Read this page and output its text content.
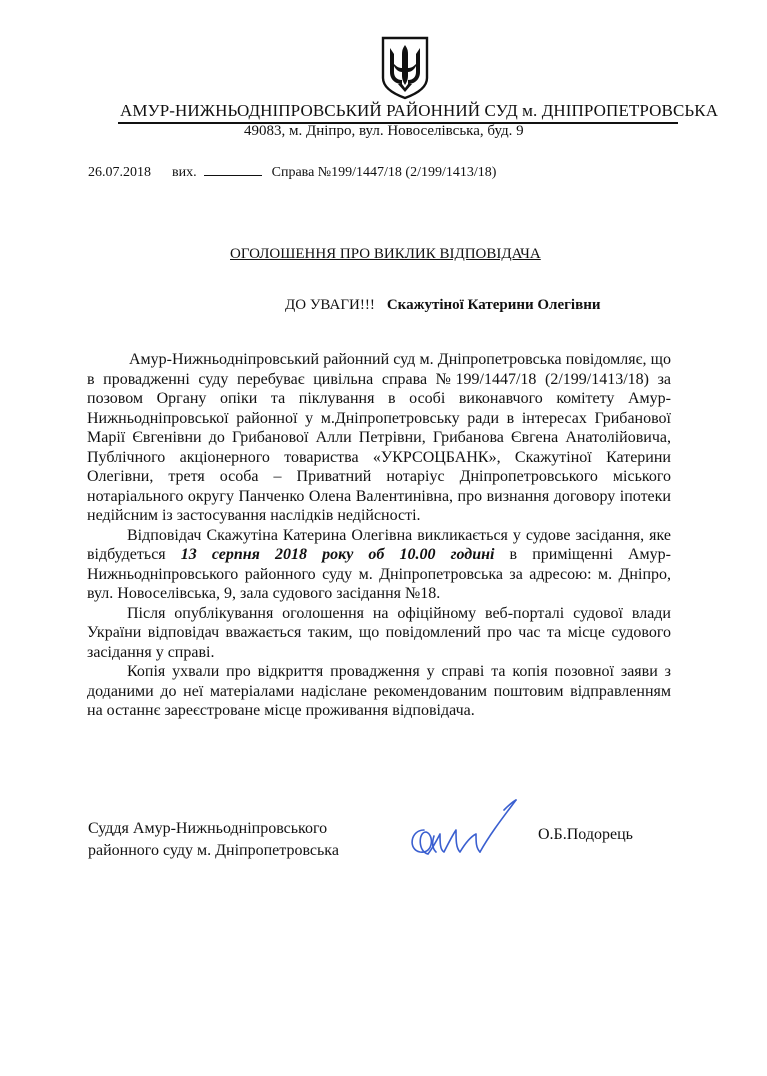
АМУР-НИЖНЬОДНІПРОВСЬКИЙ РАЙОННИЙ СУД м. ДНІПРОПЕТРОВСЬКА
49083, м. Дніпро, вул. Новоселівська, буд. 9
26.07.2018 вих.	Справа №199/1447/18 (2/199/1413/18)
ОГОЛОШЕННЯ ПРО ВИКЛИК ВІДПОВІДАЧА
ДО УВАГИ!!! Скажутіної Катерини Олегівни

Амур-Нижньодніпровський районний суд м. Дніпропетровська повідомляє, що в провадженні суду перебуває цивільна справа №199/1447/18 (2/199/1413/18) за позовом Органу опіки та піклування в особі виконавчого комітету Амур-Нижньодніпровської районної у м.Дніпропетровську ради в інтересах Грибанової Марії Євгенівни до Грибанової Алли Петрівни, Грибанова Євгена Анатолійовича, Публічного акціонерного товариства «УКРСОЦБАНК», Скажутіної Катерини Олегівни, третя особа – Приватний нотаріус Дніпропетровського міського нотаріального округу Панченко Олена Валентинівна, про визнання договору іпотеки недійсним із застосування наслідків недійсності.

Відповідач Скажутіна Катерина Олегівна викликається у судове засідання, яке відбудеться 13 серпня 2018 року об 10.00 годині в приміщенні Амур-Нижньодніпровського районного суду м. Дніпропетровська за адресою: м. Дніпро, вул. Новоселівська, 9, зала судового засідання №18.

Після опублікування оголошення на офіційному веб-порталі судової влади України відповідач вважається таким, що повідомлений про час та місце судового засідання у справі.

Копія ухвали про відкриття провадження у справі та копія позовної заяви з доданими до неї матеріалами надіслане рекомендованим поштовим відправленням на останнє зареєстроване місце проживання відповідача.

Суддя Амур-Нижньодніпровського
районного суду м. Дніпропетровська
О.Б.Подорець
